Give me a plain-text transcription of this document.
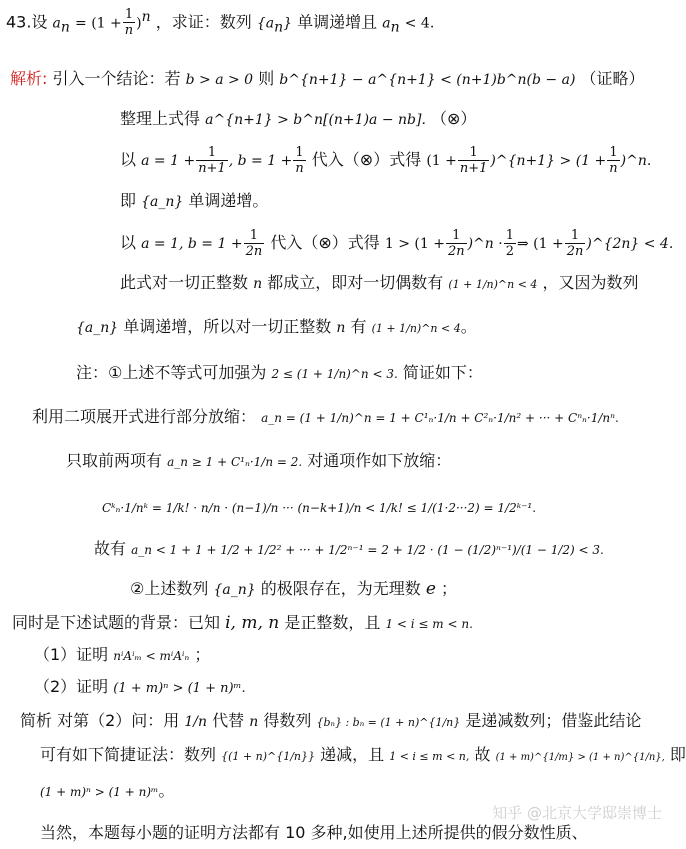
43.设 $a_n = (1 + \frac{1}{n} )^n$ ，求证：数列 $\{a_n\}$ 单调递增且 $a_n < 4$.
解析: 引入一个结论：若 b > a > 0 则 b^{n+1} − a^{n+1} < (n+1)b^n(b − a) （证略）
整理上式得 a^{n+1} > b^n[(n+1)a − nb]. （⊗）
以 $a = 1 + \frac{1}{n+1}$ , $b = 1 + \frac{1}{n}$ 代入（⊗）式得 ($1 + \frac{1}{n+1}$ )^{n+1} > ($1 + \frac{1}{n}$ )^n.
即 {a_n} 单调递增。
以 a = 1, $b = 1 + \frac{1}{2n}$ 代入（⊗）式得 $1 > (1 + \frac{1}{2n}$ )^n · $\frac{1}{2}$ ⇒ ($1 + \frac{1}{2n}$ )^{2n} < 4.
此式对一切正整数 n 都成立，即对一切偶数有 (1 + 1/n)^n < 4 ，又因为数列
{a_n} 单调递增，所以对一切正整数 n 有 (1 + 1/n)^n < 4。
注：①上述不等式可加强为 2 ≤ (1 + 1/n)^n < 3. 简证如下：
利用二项展开式进行部分放缩： a_n = (1 + 1/n)^n = 1 + C¹ₙ·1/n + C²ₙ·1/n² + ··· + Cⁿₙ·1/nⁿ.
只取前两项有 a_n ≥ 1 + C¹ₙ·1/n = 2. 对通项作如下放缩：
Cᵏₙ·1/nᵏ = 1/k! · n/n · (n−1)/n ··· (n−k+1)/n < 1/k! ≤ 1/(1·2···2) = 1/2ᵏ⁻¹.
故有 a_n < 1 + 1 + 1/2 + 1/2² + ··· + 1/2ⁿ⁻¹ = 2 + 1/2 · (1 − (1/2)ⁿ⁻¹)/(1 − 1/2) < 3.
②上述数列 {a_n} 的极限存在，为无理数 e ；
同时是下述试题的背景：已知 i, m, n 是正整数，且 1 < i ≤ m < n.
（1）证明 nⁱAⁱₘ < mⁱAⁱₙ ；
（2）证明 (1 + m)ⁿ > (1 + n)ᵐ.
简析 对第（2）问：用 1/n 代替 n 得数列 {bₙ} : bₙ = (1 + n)^{1/n} 是递减数列；借鉴此结论
可有如下简捷证法：数列 {(1 + n)^{1/n}} 递减，且 1 < i ≤ m < n, 故 (1 + m)^{1/m} > (1 + n)^{1/n}, 即
(1 + m)ⁿ > (1 + n)ᵐ。
当然，本题每小题的证明方法都有 10 多种,如使用上述所提供的假分数性质、
知乎 @北京大学邸崇博士
